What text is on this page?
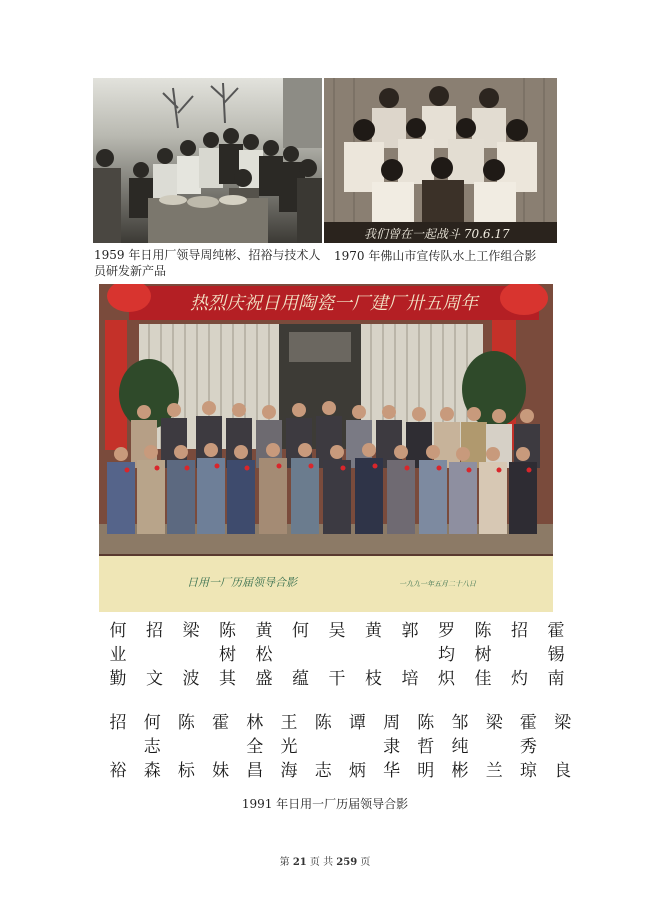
我们曾在一起战斗 70.6.17
1959 年日用厂领导周纯彬、招裕与技术人员研发新产品
1970 年佛山市宣传队水上工作组合影
热烈庆祝日用陶瓷一厂建厂卅五周年
日用一厂历届领导合影	一九九一年五月二十八日
何
业
勤
招
文
梁
波
陈
树
其
黄
松
盛
何
蕴
吴
干
黄
枝
郭
培
罗
均
炽
陈
树
佳
招
灼
霍
锡
南
招
裕
何
志
森
陈
标
霍
妹
林
全
昌
王
光
海
陈
志
谭
炳
周
隶
华
陈
哲
明
邹
纯
彬
梁
兰
霍
秀
琼
梁
良
1991 年日用一厂历届领导合影
第 21 页 共 259 页
